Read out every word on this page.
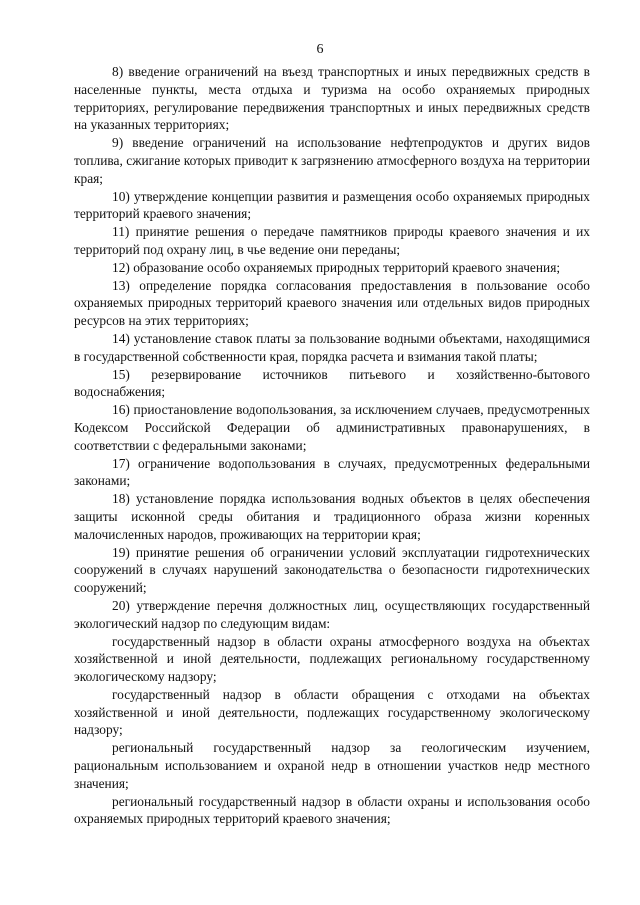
6

8) введение ограничений на въезд транспортных и иных передвижных средств в населенные пункты, места отдыха и туризма на особо охраняемых природных территориях, регулирование передвижения транспортных и иных передвижных средств на указанных территориях;

9) введение ограничений на использование нефтепродуктов и других видов топлива, сжигание которых приводит к загрязнению атмосферного воздуха на территории края;

10) утверждение концепции развития и размещения особо охраняемых природных территорий краевого значения;

11) принятие решения о передаче памятников природы краевого значения и их территорий под охрану лиц, в чье ведение они переданы;

12) образование особо охраняемых природных территорий краевого значения;

13) определение порядка согласования предоставления в пользование особо охраняемых природных территорий краевого значения или отдельных видов природных ресурсов на этих территориях;

14) установление ставок платы за пользование водными объектами, находящимися в государственной собственности края, порядка расчета и взимания такой платы;

15) резервирование источников питьевого и хозяйственно-бытового водоснабжения;

16) приостановление водопользования, за исключением случаев, предусмотренных Кодексом Российской Федерации об административных правонарушениях, в соответствии с федеральными законами;

17) ограничение водопользования в случаях, предусмотренных федеральными законами;

18) установление порядка использования водных объектов в целях обеспечения защиты исконной среды обитания и традиционного образа жизни коренных малочисленных народов, проживающих на территории края;

19) принятие решения об ограничении условий эксплуатации гидротехнических сооружений в случаях нарушений законодательства о безопасности гидротехнических сооружений;

20) утверждение перечня должностных лиц, осуществляющих государственный экологический надзор по следующим видам:

государственный надзор в области охраны атмосферного воздуха на объектах хозяйственной и иной деятельности, подлежащих региональному государственному экологическому надзору;

государственный надзор в области обращения с отходами на объектах хозяйственной и иной деятельности, подлежащих государственному экологическому надзору;

региональный государственный надзор за геологическим изучением, рациональным использованием и охраной недр в отношении участков недр местного значения;

региональный государственный надзор в области охраны и использования особо охраняемых природных территорий краевого значения;
